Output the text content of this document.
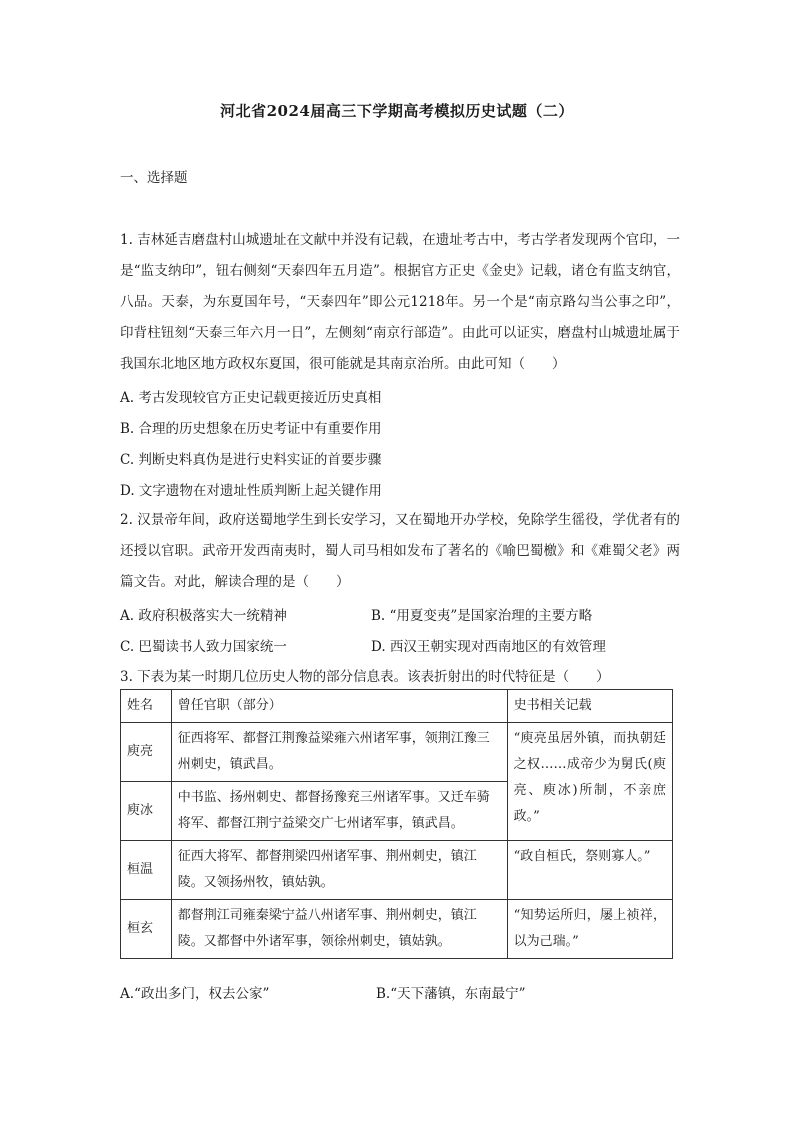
河北省2024届高三下学期高考模拟历史试题（二）
一、选择题
1. 吉林延吉磨盘村山城遗址在文献中并没有记载，在遗址考古中，考古学者发现两个官印，一是“监支纳印”，钮右侧刻“天泰四年五月造”。根据官方正史《金史》记载，诸仓有监支纳官，八品。天泰，为东夏国年号，“天泰四年”即公元1218年。另一个是“南京路勾当公事之印”，印背柱钮刻“天泰三年六月一日”，左侧刻“南京行部造”。由此可以证实，磨盘村山城遗址属于我国东北地区地方政权东夏国，很可能就是其南京治所。由此可知（　　）
A. 考古发现较官方正史记载更接近历史真相
B. 合理的历史想象在历史考证中有重要作用
C. 判断史料真伪是进行史料实证的首要步骤
D. 文字遗物在对遗址性质判断上起关键作用
2. 汉景帝年间，政府送蜀地学生到长安学习，又在蜀地开办学校，免除学生徭役，学优者有的还授以官职。武帝开发西南夷时，蜀人司马相如发布了著名的《喻巴蜀檄》和《难蜀父老》两篇文告。对此，解读合理的是（　　）
A. 政府积极落实大一统精神	B. “用夏变夷”是国家治理的主要方略
C. 巴蜀读书人致力国家统一	D. 西汉王朝实现对西南地区的有效管理
3. 下表为某一时期几位历史人物的部分信息表。该表折射出的时代特征是（　　）
姓名	曾任官职（部分）	史书相关记载
庾亮	征西将军、都督江荆豫益梁雍六州诸军事，领荆江豫三州刺史，镇武昌。	“庾亮虽居外镇，而执朝廷之权……成帝少为舅氏(庾亮、庾冰)所制，不亲庶政。”
庾冰	中书监、扬州刺史、都督扬豫兖三州诸军事。又迁车骑将军、都督江荆宁益梁交广七州诸军事，镇武昌。	
桓温	征西大将军、都督荆梁四州诸军事、荆州刺史，镇江陵。又领扬州牧，镇姑孰。	“政自桓氏，祭则寡人。”
桓玄	都督荆江司雍秦梁宁益八州诸军事、荆州刺史，镇江陵。又都督中外诸军事，领徐州刺史，镇姑孰。	“知势运所归，屡上祯祥，以为己瑞。”
A.“政出多门，权去公家”	B.“天下藩镇，东南最宁”
